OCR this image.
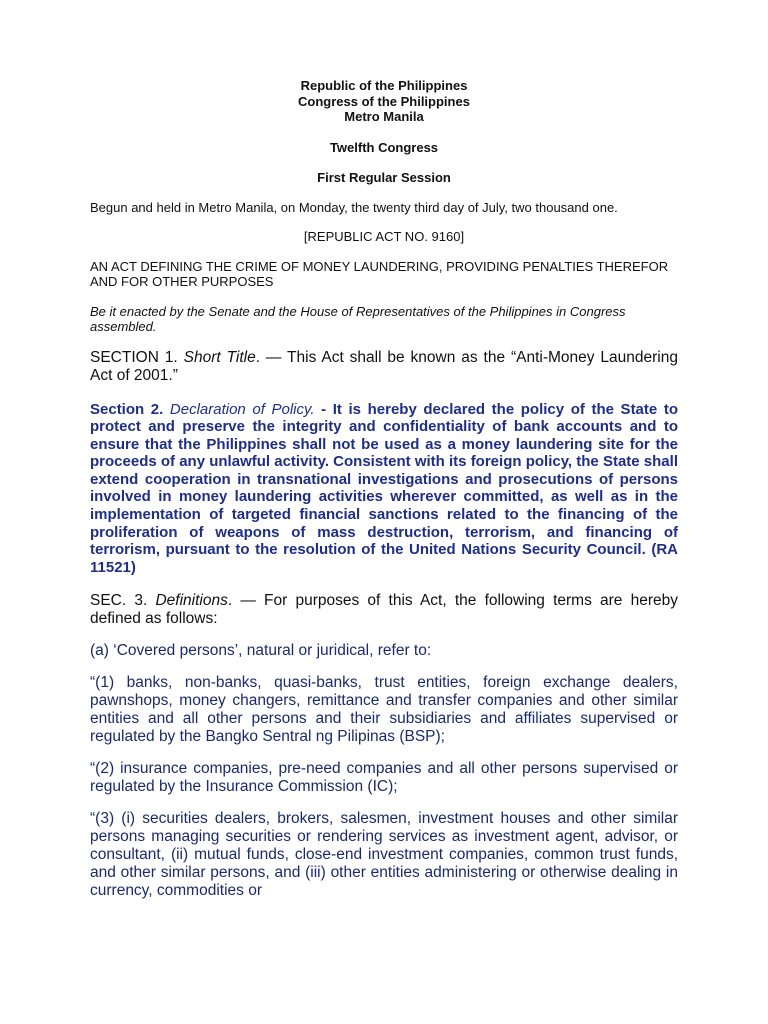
Republic of the Philippines
Congress of the Philippines
Metro Manila
Twelfth Congress
First Regular Session

Begun and held in Metro Manila, on Monday, the twenty third day of July, two thousand one.

[REPUBLIC ACT NO. 9160]

AN ACT DEFINING THE CRIME OF MONEY LAUNDERING, PROVIDING PENALTIES THEREFOR AND FOR OTHER PURPOSES

Be it enacted by the Senate and the House of Representatives of the Philippines in Congress assembled.

SECTION 1. Short Title. — This Act shall be known as the “Anti-Money Laundering Act of 2001.”

Section 2. Declaration of Policy. - It is hereby declared the policy of the State to protect and preserve the integrity and confidentiality of bank accounts and to ensure that the Philippines shall not be used as a money laundering site for the proceeds of any unlawful activity. Consistent with its foreign policy, the State shall extend cooperation in transnational investigations and prosecutions of persons involved in money laundering activities wherever committed, as well as in the implementation of targeted financial sanctions related to the financing of the proliferation of weapons of mass destruction, terrorism, and financing of terrorism, pursuant to the resolution of the United Nations Security Council. (RA 11521)

SEC. 3. Definitions. — For purposes of this Act, the following terms are hereby defined as follows:

(a) ‘Covered persons’, natural or juridical, refer to:

“(1) banks, non-banks, quasi-banks, trust entities, foreign exchange dealers, pawnshops, money changers, remittance and transfer companies and other similar entities and all other persons and their subsidiaries and affiliates supervised or regulated by the Bangko Sentral ng Pilipinas (BSP);

“(2) insurance companies, pre-need companies and all other persons supervised or regulated by the Insurance Commission (IC);

“(3) (i) securities dealers, brokers, salesmen, investment houses and other similar persons managing securities or rendering services as investment agent, advisor, or consultant, (ii) mutual funds, close-end investment companies, common trust funds, and other similar persons, and (iii) other entities administering or otherwise dealing in currency, commodities or
